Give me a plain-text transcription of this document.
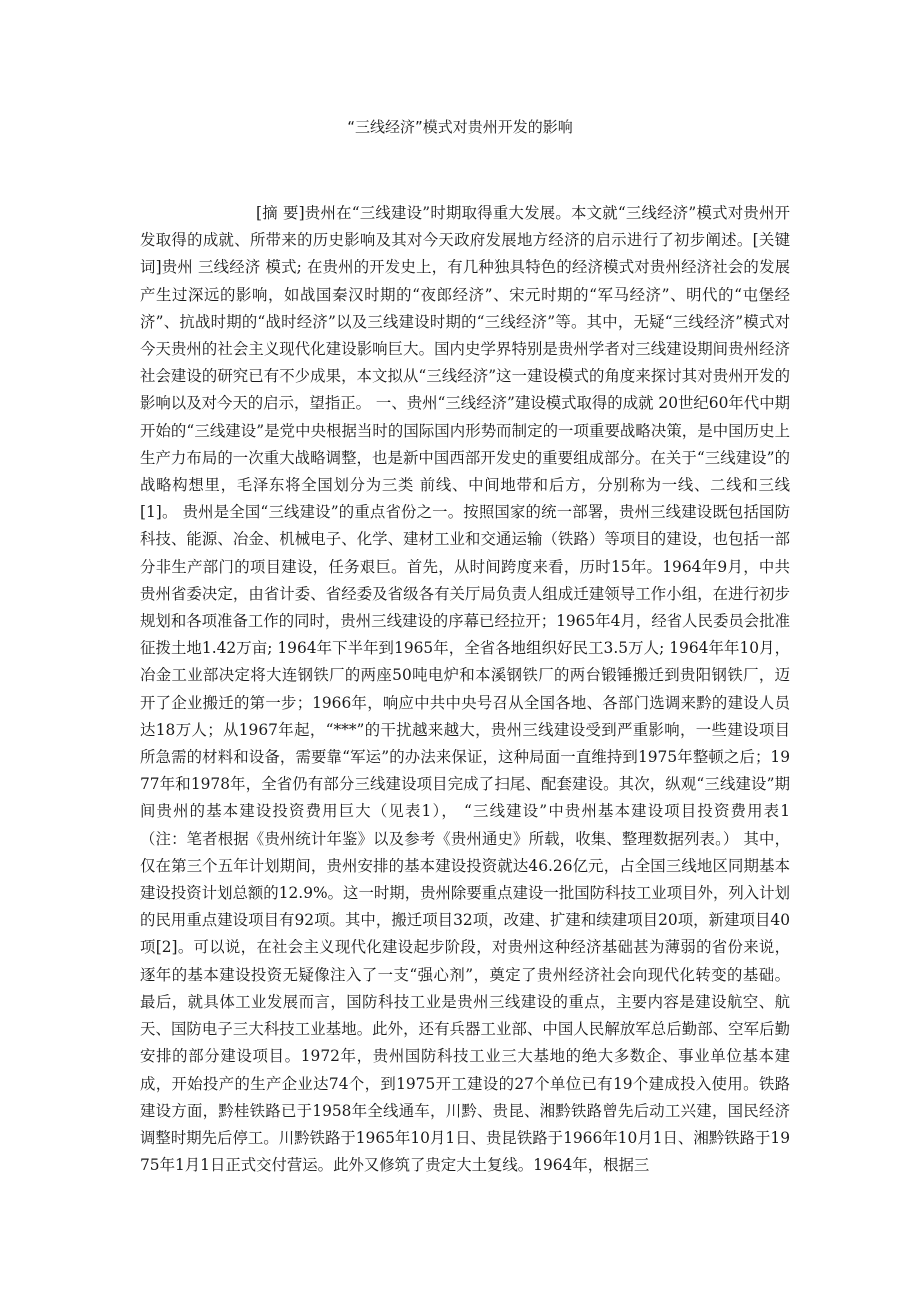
“三线经济”模式对贵州开发的影响

[摘 要]贵州在“三线建设”时期取得重大发展。本文就“三线经济”模式对贵州开发取得的成就、所带来的历史影响及其对今天政府发展地方经济的启示进行了初步阐述。[关键词]贵州 三线经济 模式; 在贵州的开发史上，有几种独具特色的经济模式对贵州经济社会的发展产生过深远的影响，如战国秦汉时期的“夜郎经济”、宋元时期的“军马经济”、明代的“屯堡经济”、抗战时期的“战时经济”以及三线建设时期的“三线经济”等。其中，无疑“三线经济”模式对今天贵州的社会主义现代化建设影响巨大。国内史学界特别是贵州学者对三线建设期间贵州经济社会建设的研究已有不少成果，本文拟从“三线经济”这一建设模式的角度来探讨其对贵州开发的影响以及对今天的启示，望指正。 一、贵州“三线经济”建设模式取得的成就 20世纪60年代中期开始的“三线建设”是党中央根据当时的国际国内形势而制定的一项重要战略决策，是中国历史上生产力布局的一次重大战略调整，也是新中国西部开发史的重要组成部分。在关于“三线建设”的战略构想里，毛泽东将全国划分为三类 前线、中间地带和后方，分别称为一线、二线和三线[1]。 贵州是全国“三线建设”的重点省份之一。按照国家的统一部署，贵州三线建设既包括国防科技、能源、冶金、机械电子、化学、建材工业和交通运输（铁路）等项目的建设，也包括一部分非生产部门的项目建设，任务艰巨。首先，从时间跨度来看，历时15年。1964年9月，中共贵州省委决定，由省计委、省经委及省级各有关厅局负责人组成迁建领导工作小组，在进行初步规划和各项准备工作的同时，贵州三线建设的序幕已经拉开；1965年4月，经省人民委员会批准征拨土地1.42万亩; 1964年下半年到1965年，全省各地组织好民工3.5万人; 1964年年10月，冶金工业部决定将大连钢铁厂的两座50吨电炉和本溪钢铁厂的两台锻锤搬迁到贵阳钢铁厂，迈开了企业搬迁的第一步；1966年，响应中共中央号召从全国各地、各部门选调来黔的建设人员达18万人；从1967年起，“***”的干扰越来越大，贵州三线建设受到严重影响，一些建设项目所急需的材料和设备，需要靠“军运”的办法来保证，这种局面一直维持到1975年整顿之后；1977年和1978年，全省仍有部分三线建设项目完成了扫尾、配套建设。其次，纵观“三线建设”期间贵州的基本建设投资费用巨大（见表1）， “三线建设”中贵州基本建设项目投资费用表1 （注：笔者根据《贵州统计年鉴》以及参考《贵州通史》所载，收集、整理数据列表。） 其中，仅在第三个五年计划期间，贵州安排的基本建设投资就达46.26亿元，占全国三线地区同期基本建设投资计划总额的12.9%。这一时期，贵州除要重点建设一批国防科技工业项目外，列入计划的民用重点建设项目有92项。其中，搬迁项目32项，改建、扩建和续建项目20项，新建项目40项[2]。可以说，在社会主义现代化建设起步阶段，对贵州这种经济基础甚为薄弱的省份来说，逐年的基本建设投资无疑像注入了一支“强心剂”，奠定了贵州经济社会向现代化转变的基础。 最后，就具体工业发展而言，国防科技工业是贵州三线建设的重点，主要内容是建设航空、航天、国防电子三大科技工业基地。此外，还有兵器工业部、中国人民解放军总后勤部、空军后勤安排的部分建设项目。1972年，贵州国防科技工业三大基地的绝大多数企、事业单位基本建成，开始投产的生产企业达74个，到1975开工建设的27个单位已有19个建成投入使用。铁路建设方面，黔桂铁路已于1958年全线通车，川黔、贵昆、湘黔铁路曾先后动工兴建，国民经济调整时期先后停工。川黔铁路于1965年10月1日、贵昆铁路于1966年10月1日、湘黔铁路于1975年1月1日正式交付营运。此外又修筑了贵定大土复线。1964年，根据三
